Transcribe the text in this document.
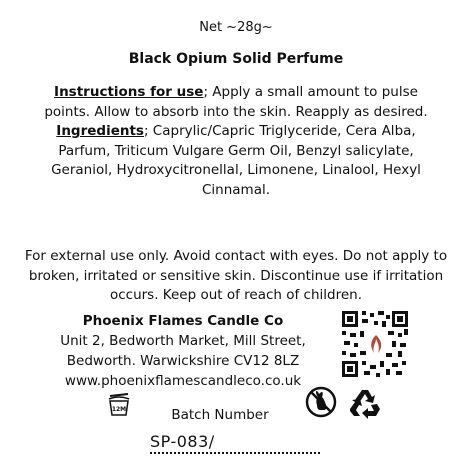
Net ~28g~
Black Opium Solid Perfume
Instructions for use; Apply a small amount to pulse points. Allow to absorb into the skin. Reapply as desired.
Ingredients; Caprylic/Capric Triglyceride, Cera Alba, Parfum, Triticum Vulgare Germ Oil, Benzyl salicylate, Geraniol, Hydroxycitronellal, Limonene, Linalool, Hexyl Cinnamal.
For external use only. Avoid contact with eyes. Do not apply to broken, irritated or sensitive skin. Discontinue use if irritation occurs. Keep out of reach of children.
Phoenix Flames Candle Co
Unit 2, Bedworth Market, Mill Street,
Bedworth. Warwickshire CV12 8LZ
www.phoenixflamescandleco.co.uk
12M	Batch Number
SP-083/
